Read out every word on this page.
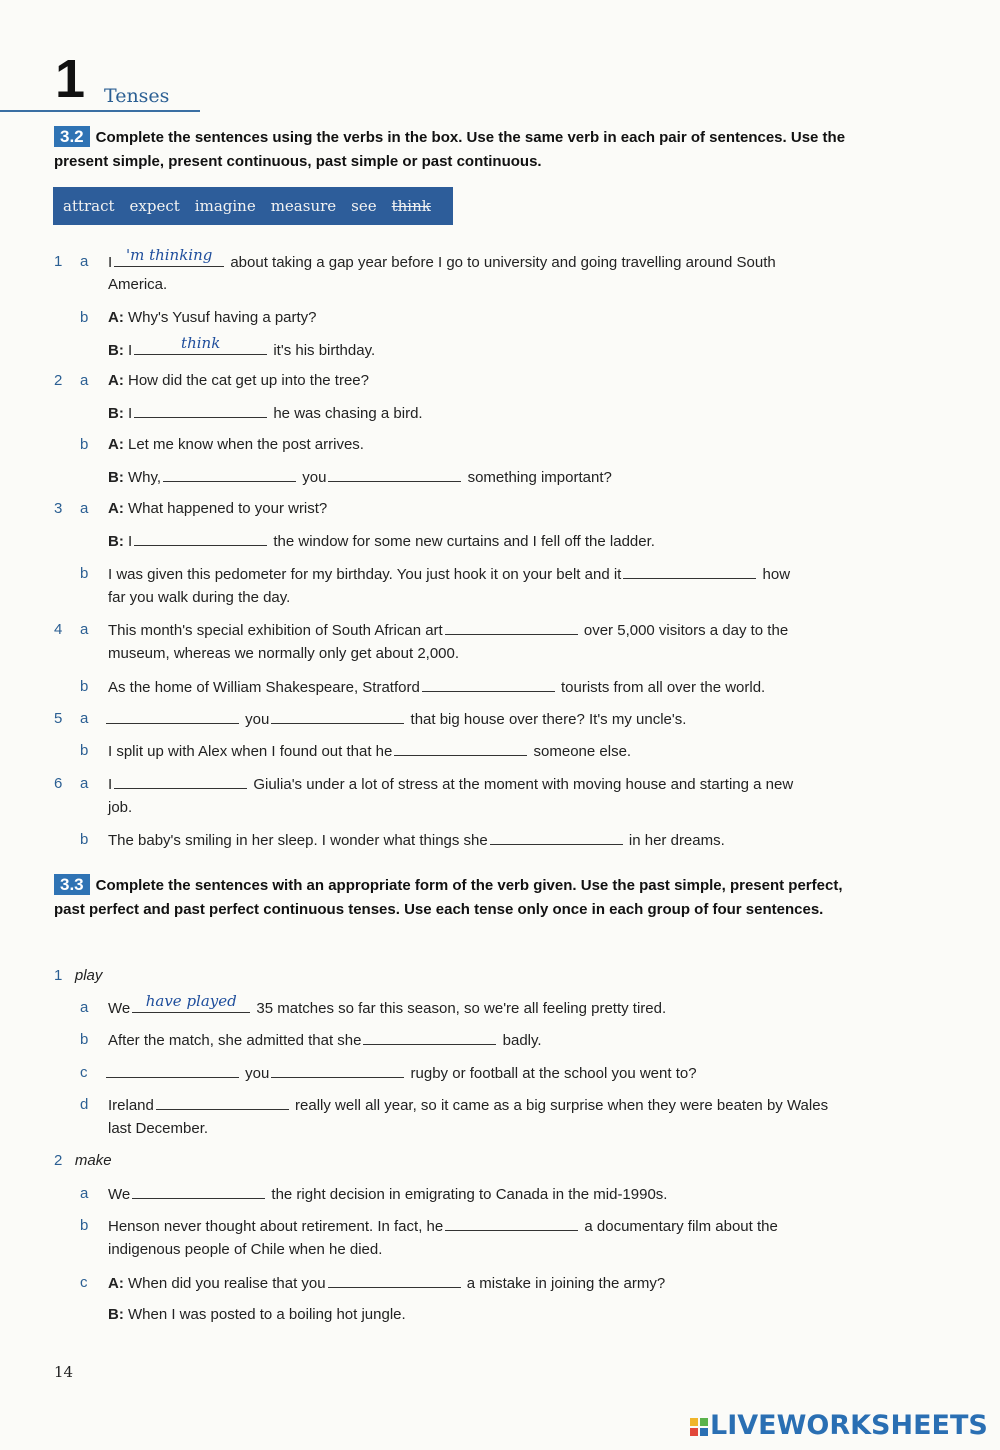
1 Tenses
3.2 Complete the sentences using the verbs in the box. Use the same verb in each pair of sentences. Use the present simple, present continuous, past simple or past continuous.
attract expect imagine measure see think
1 a I 'm thinking	about taking a gap year before I go to university and going travelling around South
America.
b A: Why's Yusuf having a party?
B: I	think	it's his birthday.
2 a A: How did the cat get up into the tree?
B: I	he was chasing a bird.
b A: Let me know when the post arrives.
B: Why,	you	something important?
3 a A: What happened to your wrist?
B: I	the window for some new curtains and I fell off the ladder.
b I was given this pedometer for my birthday. You just hook it on your belt and it	how
far you walk during the day.
4 a This month's special exhibition of South African art	over 5,000 visitors a day to the
museum, whereas we normally only get about 2,000.
b As the home of William Shakespeare, Stratford	tourists from all over the world.
5 a	you	that big house over there? It's my uncle's.
b I split up with Alex when I found out that he	someone else.
6 a I	Giulia's under a lot of stress at the moment with moving house and starting a new
job.
b The baby's smiling in her sleep. I wonder what things she	in her dreams.
3.3 Complete the sentences with an appropriate form of the verb given. Use the past simple, present perfect, past perfect and past perfect continuous tenses. Use each tense only once in each group of four sentences.
1 play
a We	have played	35 matches so far this season, so we're all feeling pretty tired.
b After the match, she admitted that she	badly.
c	you	rugby or football at the school you went to?
d Ireland	really well all year, so it came as a big surprise when they were beaten by Wales
last December.
2 make
a We	the right decision in emigrating to Canada in the mid-1990s.
b Henson never thought about retirement. In fact, he	a documentary film about the
indigenous people of Chile when he died.
c A: When did you realise that you	a mistake in joining the army?
B: When I was posted to a boiling hot jungle.
14
LIVEWORKSHEETS
